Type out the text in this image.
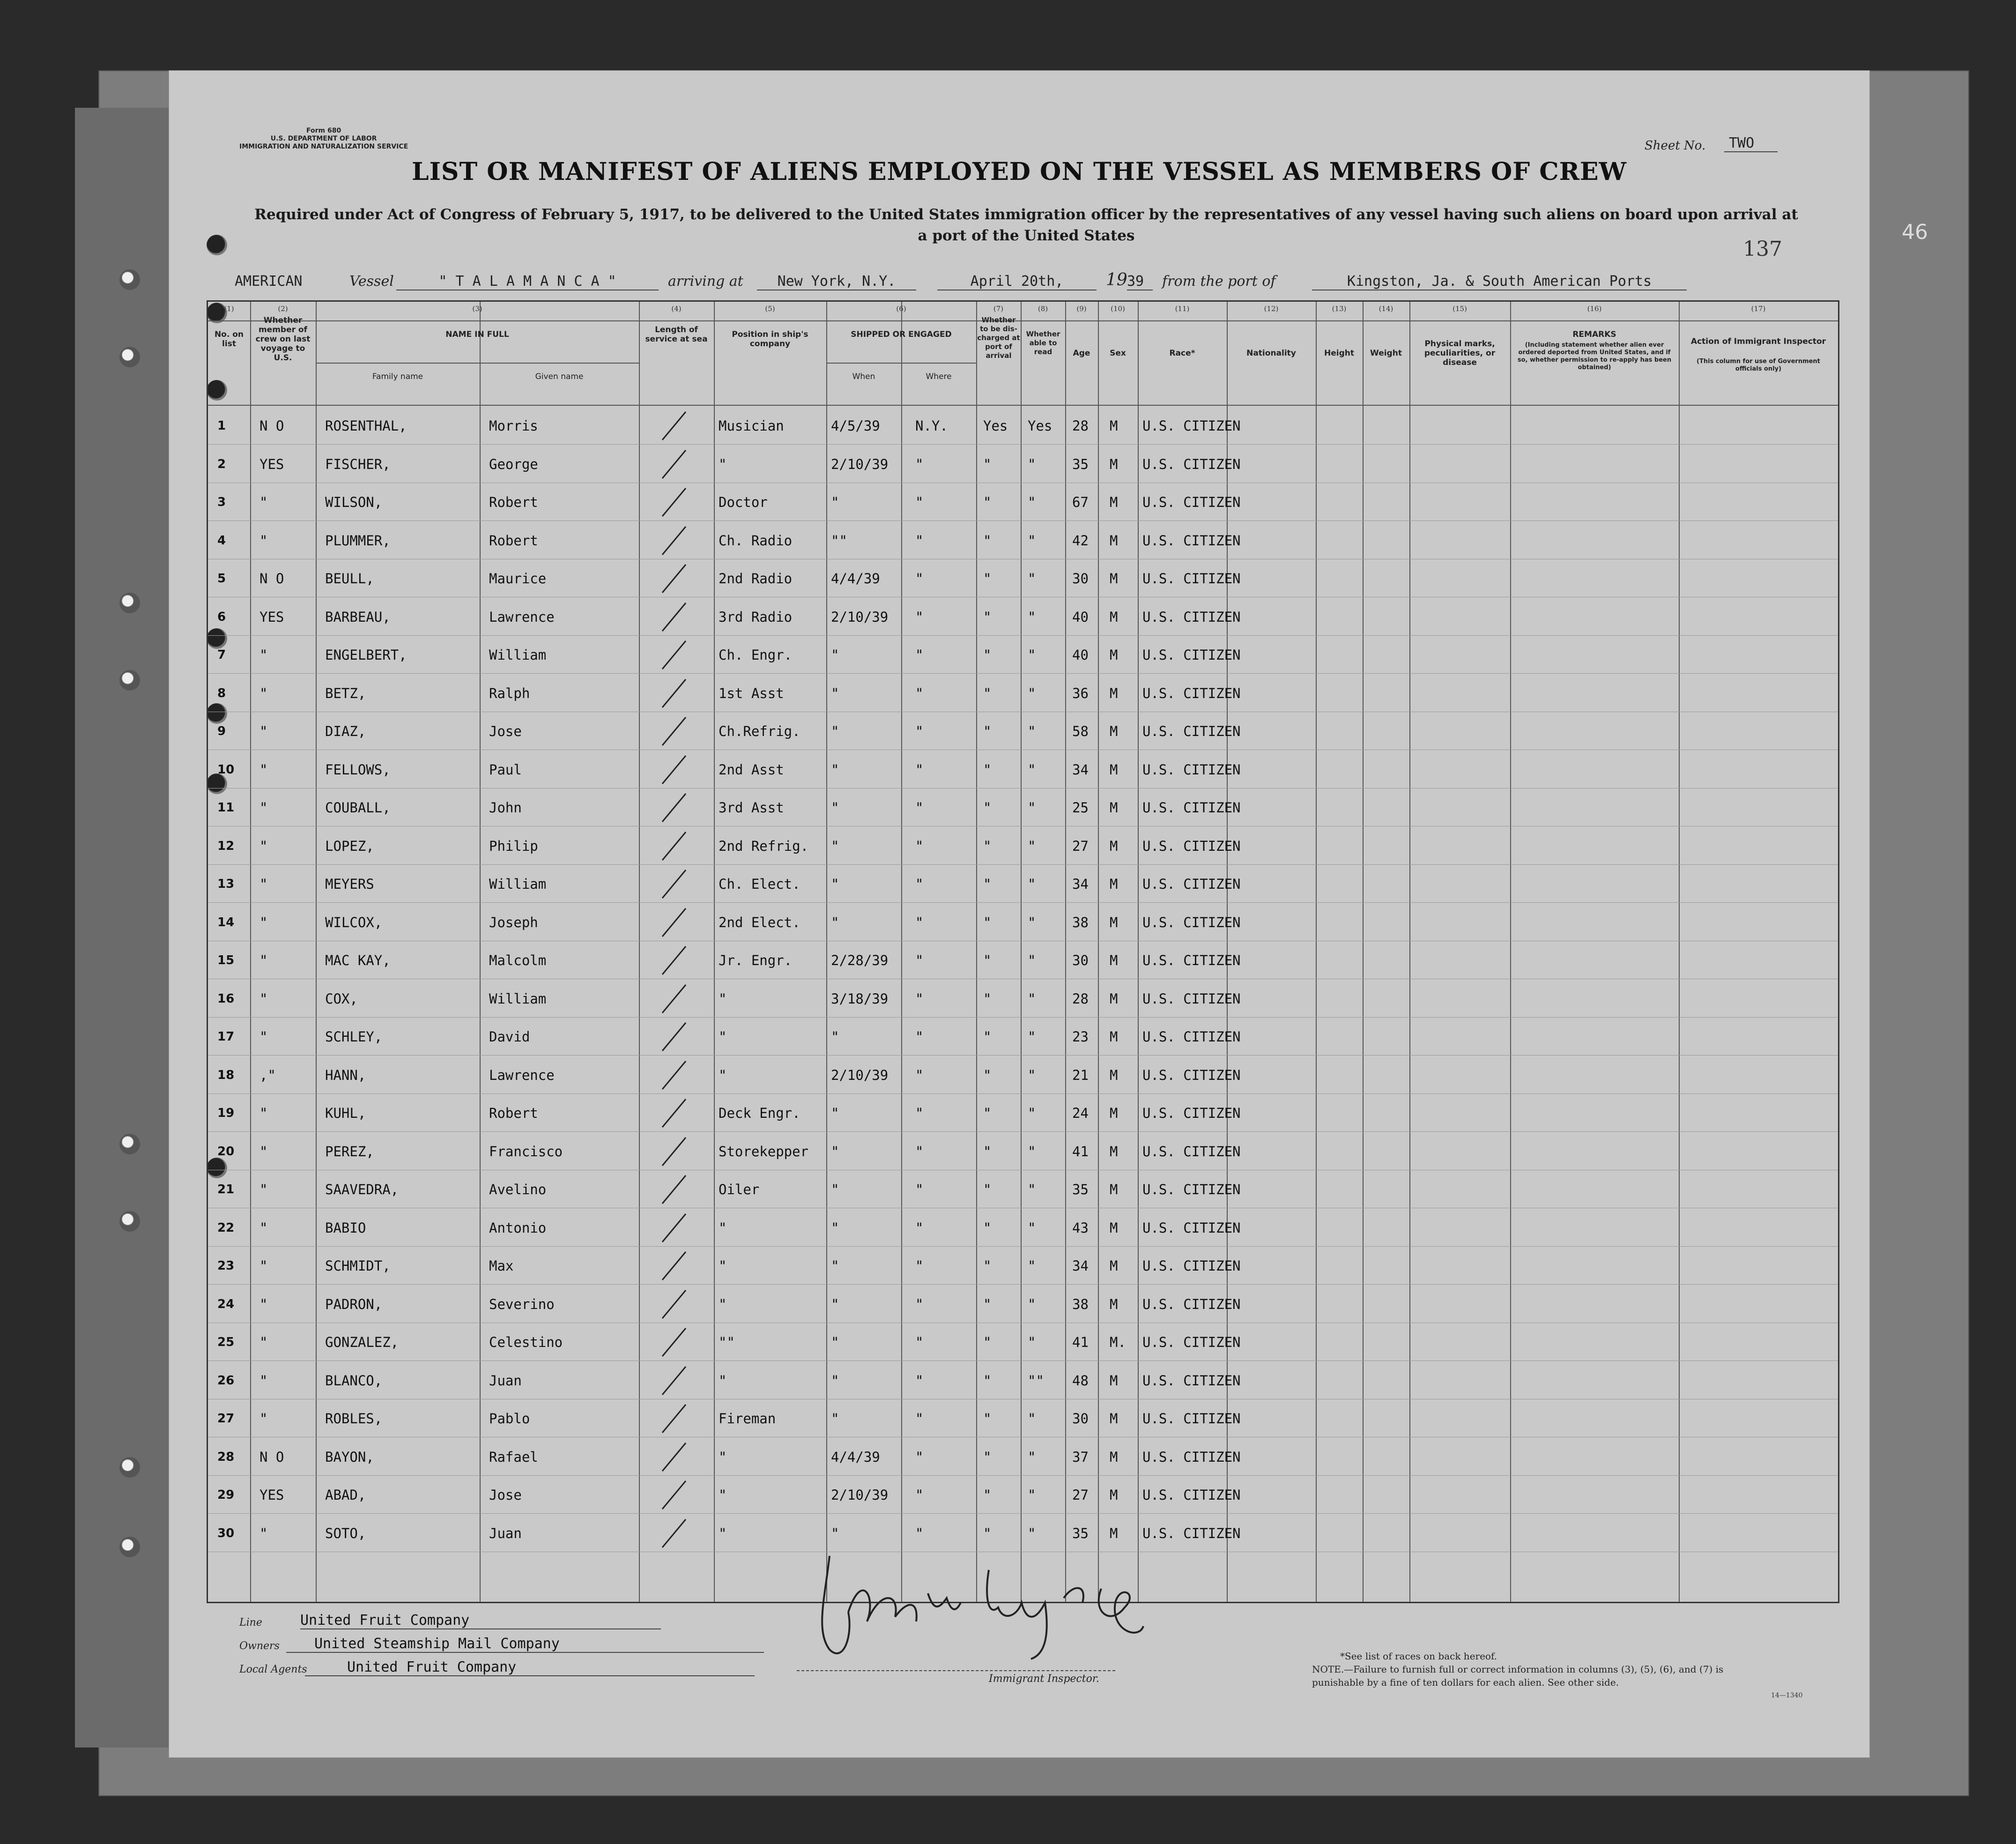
Form 680
U.S. DEPARTMENT OF LABOR
IMMIGRATION AND NATURALIZATION SERVICE	Sheet No.	TWO
LIST OR MANIFEST OF ALIENS EMPLOYED ON THE VESSEL AS MEMBERS OF CREW
Required under Act of Congress of February 5, 1917, to be delivered to the United States immigration officer by the representatives of any vessel having such aliens on board upon arrival at a port of the United States
137
AMERICAN	Vessel	" T A L A M A N C A "	arriving at	New York, N.Y.	April 20th,	19 39	from the port of	Kingston, Ja. & South American Ports
(1)
No. on list
(2)
Whether member of crew on last voyage to U.S.
(3)
NAME IN FULL
Family name	Given name
(4)
Length of service at sea
(5)
Position in ship's company
(6)
SHIPPED OR ENGAGED
When	Where
(7)
Whether to be dis- charged at port of arrival
(8)
Whether able to read
(9)
Age
(10)
Sex
(11)
Race*
(12)
Nationality
(13)
Height
(14)
Weight
(15)
Physical marks, peculiarities, or disease
(16)
REMARKS
(Including statement whether alien ever ordered deported from United States, and if so, whether permission to re-apply has been obtained)
(17)
Action of Immigrant Inspector
(This column for use of Government officials only)
1 N O	ROSENTHAL,	Morris	Musician	4/5/39	N.Y.	Yes Yes 28 M U.S. CITIZEN
2 YES	FISCHER,	George	"	2/10/39 "	"	"	35 M U.S. CITIZEN
3 "	WILSON,	Robert	Doctor	"	"	"	"	67 M U.S. CITIZEN
4 "	PLUMMER,	Robert	Ch. Radio	""	"	"	"	42 M U.S. CITIZEN
5 N O	BEULL,	Maurice	2nd Radio	4/4/39	"	"	"	30 M U.S. CITIZEN
6 YES	BARBEAU,	Lawrence	3rd Radio	2/10/39 "	"	"	40 M U.S. CITIZEN
7 "	ENGELBERT,	William	Ch. Engr.	"	"	"	"	40 M U.S. CITIZEN
8 "	BETZ,	Ralph	1st Asst	"	"	"	"	36 M U.S. CITIZEN
9 "	DIAZ,	Jose	Ch.Refrig. "	"	"	"	58 M U.S. CITIZEN
10 "	FELLOWS,	Paul	2nd Asst	"	"	"	"	34 M U.S. CITIZEN
11 "	COUBALL,	John	3rd Asst	"	"	"	"	25 M U.S. CITIZEN
12 "	LOPEZ,	Philip	2nd Refrig. "	"	"	"	27 M U.S. CITIZEN
13 "	MEYERS	William	Ch. Elect. "	"	"	"	34 M U.S. CITIZEN
14 "	WILCOX,	Joseph	2nd Elect. "	"	"	"	38 M U.S. CITIZEN
15 "	MAC KAY,	Malcolm	Jr. Engr.	2/28/39 "	"	"	30 M U.S. CITIZEN
16 "	COX,	William	"	3/18/39 "	"	"	28 M U.S. CITIZEN
17 "	SCHLEY,	David	"	"	"	"	"	23 M U.S. CITIZEN
18 ,"	HANN,	Lawrence	"	2/10/39 "	"	"	21 M U.S. CITIZEN
19 "	KUHL,	Robert	Deck Engr. "	"	"	"	24 M U.S. CITIZEN
20 "	PEREZ,	Francisco	Storekepper "	"	"	"	41 M U.S. CITIZEN
21 "	SAAVEDRA,	Avelino	Oiler	"	"	"	"	35 M U.S. CITIZEN
22 "	BABIO	Antonio	"	"	"	"	"	43 M U.S. CITIZEN
23 "	SCHMIDT,	Max	"	"	"	"	"	34 M U.S. CITIZEN
24 "	PADRON,	Severino	"	"	"	"	"	38 M U.S. CITIZEN
25 "	GONZALEZ,	Celestino	""	"	"	"	"	41 M. U.S. CITIZEN
26 "	BLANCO,	Juan	"	"	"	"	"" 48 M U.S. CITIZEN
27 "	ROBLES,	Pablo	Fireman	"	"	"	"	30 M U.S. CITIZEN
28 N O	BAYON,	Rafael	"	4/4/39	"	"	"	37 M U.S. CITIZEN
29 YES	ABAD,	Jose	"	2/10/39 "	"	"	27 M U.S. CITIZEN
30 "	SOTO,	Juan	"	"	"	"	"	35 M U.S. CITIZEN
Line	United Fruit Company
Owners	United Steamship Mail Company
Local Agents	United Fruit Company
Immigrant Inspector.
*See list of races on back hereof.
NOTE.—Failure to furnish full or correct information in columns (3), (5), (6), and (7) is punishable by a fine of ten dollars for each alien. See other side.
14—1340
46
